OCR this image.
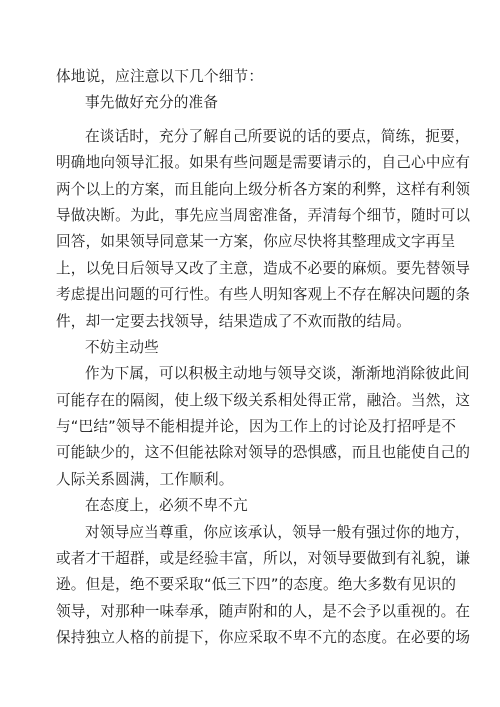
体地说，应注意以下几个细节：
事先做好充分的准备
在谈话时，充分了解自己所要说的话的要点，简练，扼要，
明确地向领导汇报。如果有些问题是需要请示的，自己心中应有
两个以上的方案，而且能向上级分析各方案的利弊，这样有利领
导做决断。为此，事先应当周密准备，弄清每个细节，随时可以
回答，如果领导同意某一方案，你应尽快将其整理成文字再呈
上，以免日后领导又改了主意，造成不必要的麻烦。要先替领导
考虑提出问题的可行性。有些人明知客观上不存在解决问题的条
件，却一定要去找领导，结果造成了不欢而散的结局。
不妨主动些
作为下属，可以积极主动地与领导交谈，渐渐地消除彼此间
可能存在的隔阂，使上级下级关系相处得正常，融洽。当然，这
与“巴结”领导不能相提并论，因为工作上的讨论及打招呼是不
可能缺少的，这不但能祛除对领导的恐惧感，而且也能使自己的
人际关系圆满，工作顺利。
在态度上，必须不卑不亢
对领导应当尊重，你应该承认，领导一般有强过你的地方，
或者才干超群，或是经验丰富，所以，对领导要做到有礼貌，谦
逊。但是，绝不要采取“低三下四”的态度。绝大多数有见识的
领导，对那种一味奉承，随声附和的人，是不会予以重视的。在
保持独立人格的前提下，你应采取不卑不亢的态度。在必要的场
